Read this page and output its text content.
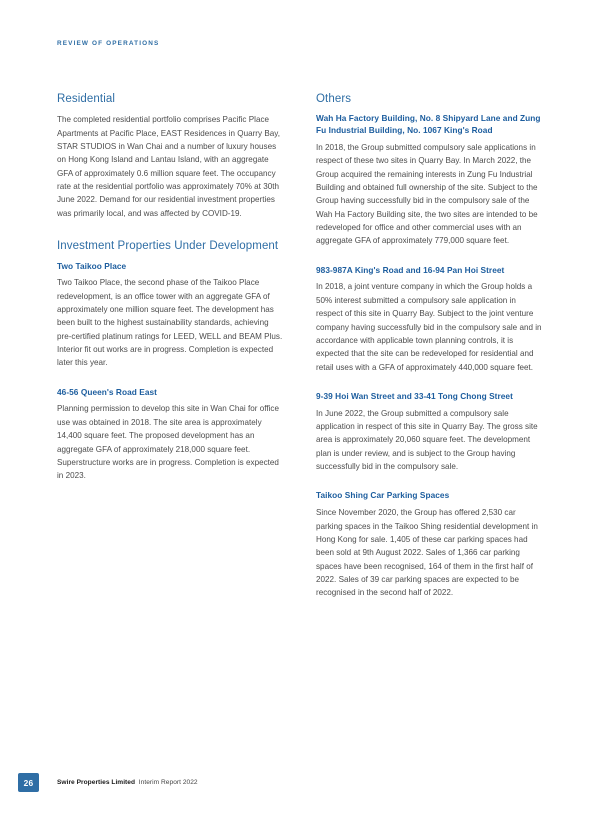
REVIEW OF OPERATIONS
Residential

The completed residential portfolio comprises Pacific Place Apartments at Pacific Place, EAST Residences in Quarry Bay, STAR STUDIOS in Wan Chai and a number of luxury houses on Hong Kong Island and Lantau Island, with an aggregate GFA of approximately 0.6 million square feet. The occupancy rate at the residential portfolio was approximately 70% at 30th June 2022. Demand for our residential investment properties was primarily local, and was affected by COVID-19.

Investment Properties Under Development
Two Taikoo Place

Two Taikoo Place, the second phase of the Taikoo Place redevelopment, is an office tower with an aggregate GFA of approximately one million square feet. The development has been built to the highest sustainability standards, achieving pre-certified platinum ratings for LEED, WELL and BEAM Plus. Interior fit out works are in progress. Completion is expected later this year.

46-56 Queen's Road East

Planning permission to develop this site in Wan Chai for office use was obtained in 2018. The site area is approximately 14,400 square feet. The proposed development has an aggregate GFA of approximately 218,000 square feet. Superstructure works are in progress. Completion is expected in 2023.

Others
Wah Ha Factory Building, No. 8 Shipyard Lane and Zung Fu Industrial Building, No. 1067 King's Road

In 2018, the Group submitted compulsory sale applications in respect of these two sites in Quarry Bay. In March 2022, the Group acquired the remaining interests in Zung Fu Industrial Building and obtained full ownership of the site. Subject to the Group having successfully bid in the compulsory sale of the Wah Ha Factory Building site, the two sites are intended to be redeveloped for office and other commercial uses with an aggregate GFA of approximately 779,000 square feet.

983-987A King's Road and 16-94 Pan Hoi Street

In 2018, a joint venture company in which the Group holds a 50% interest submitted a compulsory sale application in respect of this site in Quarry Bay. Subject to the joint venture company having successfully bid in the compulsory sale and in accordance with applicable town planning controls, it is expected that the site can be redeveloped for residential and retail uses with a GFA of approximately 440,000 square feet.

9-39 Hoi Wan Street and 33-41 Tong Chong Street

In June 2022, the Group submitted a compulsory sale application in respect of this site in Quarry Bay. The gross site area is approximately 20,060 square feet. The development plan is under review, and is subject to the Group having successfully bid in the compulsory sale.

Taikoo Shing Car Parking Spaces

Since November 2020, the Group has offered 2,530 car parking spaces in the Taikoo Shing residential development in Hong Kong for sale. 1,405 of these car parking spaces had been sold at 9th August 2022. Sales of 1,366 car parking spaces have been recognised, 164 of them in the first half of 2022. Sales of 39 car parking spaces are expected to be recognised in the second half of 2022.

26	Swire Properties Limited Interim Report 2022
